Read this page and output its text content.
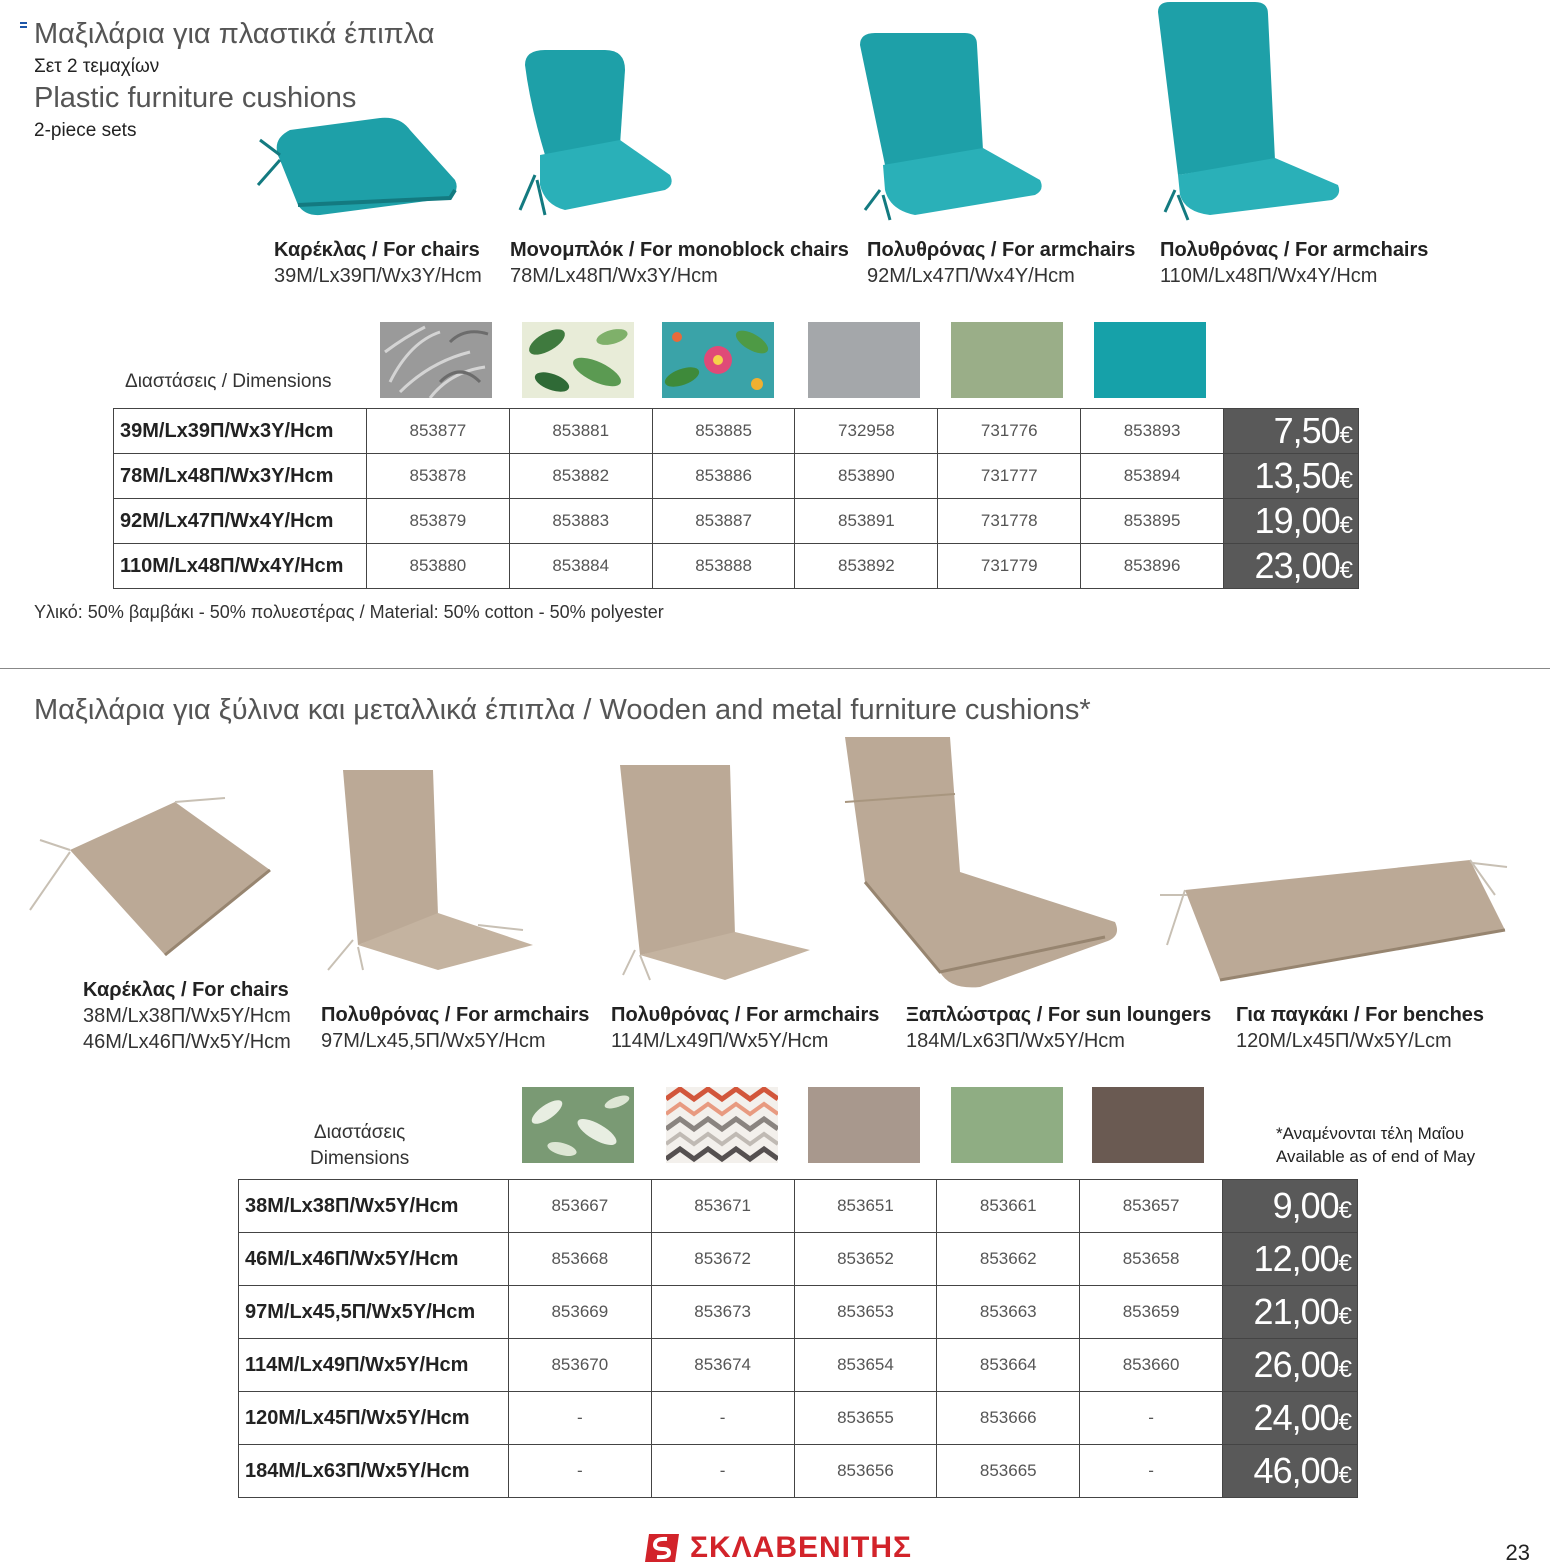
Μαξιλάρια για πλαστικά έπιπλα
Σετ 2 τεμαχίων
Plastic furniture cushions
2-piece sets
Καρέκλας / For chairs
39M/Lx39Π/Wx3Y/Hcm
Μονομπλόκ / For monoblock chairs
78M/Lx48Π/Wx3Y/Hcm
Πολυθρόνας / For armchairs
92M/Lx47Π/Wx4Y/Hcm
Πολυθρόνας / For armchairs
110M/Lx48Π/Wx4Y/Hcm
Διαστάσεις / Dimensions
39M/Lx39Π/Wx3Y/Hcm	853877	853881	853885	732958	731776	853893	7,50€
78M/Lx48Π/Wx3Y/Hcm	853878	853882	853886	853890	731777	853894	13,50€
92M/Lx47Π/Wx4Y/Hcm	853879	853883	853887	853891	731778	853895	19,00€
110M/Lx48Π/Wx4Y/Hcm	853880	853884	853888	853892	731779	853896	23,00€
Υλικό: 50% βαμβάκι - 50% πολυεστέρας / Material: 50% cotton - 50% polyester
Μαξιλάρια για ξύλινα και μεταλλικά έπιπλα / Wooden and metal furniture cushions*
Καρέκλας / For chairs
38M/Lx38Π/Wx5Y/Hcm
46M/Lx46Π/Wx5Y/Hcm
Πολυθρόνας / For armchairs
97M/Lx45,5Π/Wx5Y/Hcm
Πολυθρόνας / For armchairs
114M/Lx49Π/Wx5Y/Hcm
Ξαπλώστρας / For sun loungers
184M/Lx63Π/Wx5Y/Hcm
Για παγκάκι / For benches
120M/Lx45Π/Wx5Y/Lcm
Διαστάσεις
Dimensions
*Αναμένονται τέλη Μαΐου
Available as of end of May
38M/Lx38Π/Wx5Y/Hcm	853667	853671	853651	853661	853657	9,00€
46M/Lx46Π/Wx5Y/Hcm	853668	853672	853652	853662	853658	12,00€
97M/Lx45,5Π/Wx5Y/Hcm	853669	853673	853653	853663	853659	21,00€
114M/Lx49Π/Wx5Y/Hcm	853670	853674	853654	853664	853660	26,00€
120M/Lx45Π/Wx5Y/Hcm	-	-	853655	853666	-	24,00€
184M/Lx63Π/Wx5Y/Hcm	-	-	853656	853665	-	46,00€
ΣΚΛΑΒΕΝΙΤΗΣ	23
